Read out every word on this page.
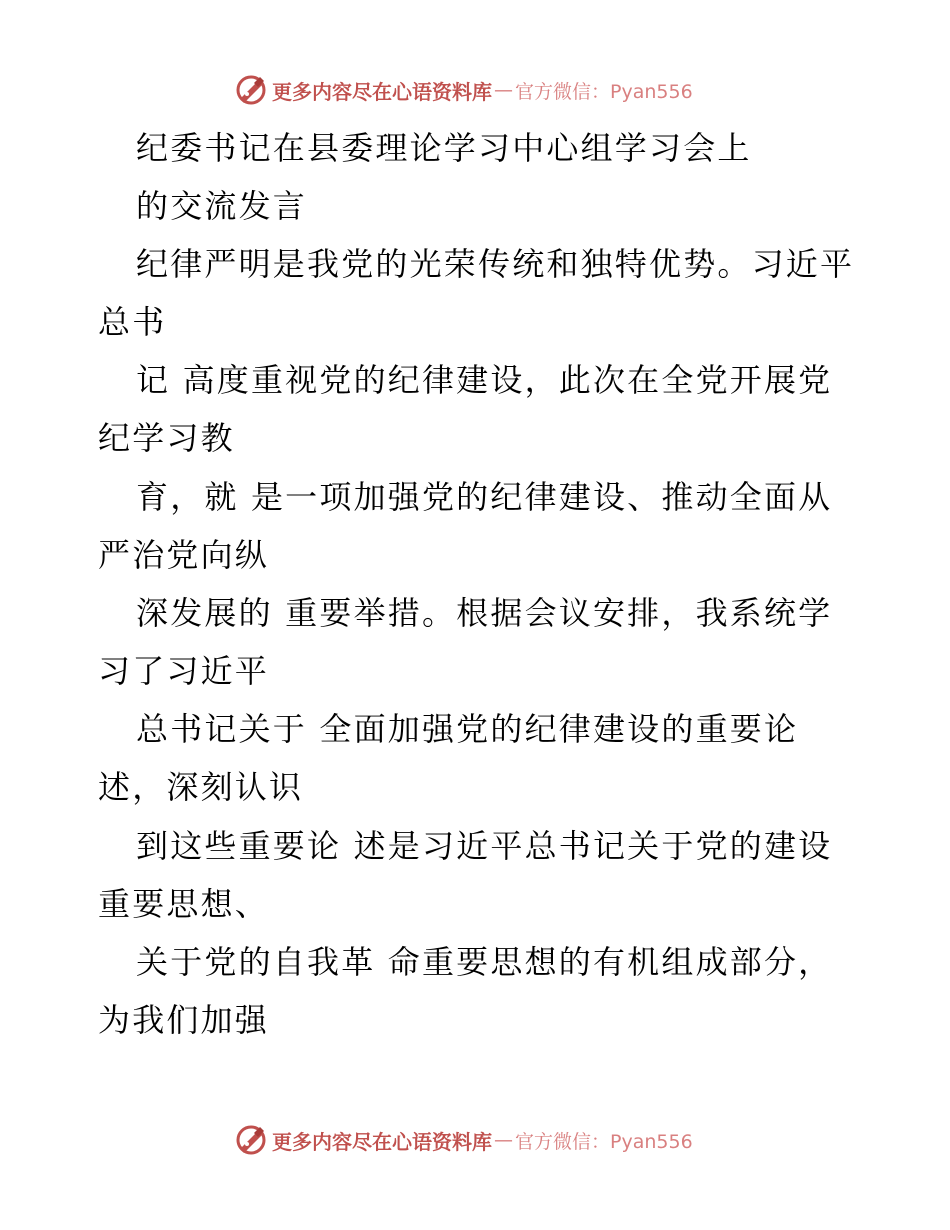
更多内容尽在心语资料库 — 官方微信：Pyan556
纪委书记在县委理论学习中心组学习会上
的交流发言
纪律严明是我党的光荣传统和独特优势。习近平
总书
记 高度重视党的纪律建设，此次在全党开展党
纪学习教
育，就 是一项加强党的纪律建设、推动全面从
严治党向纵
深发展的 重要举措。根据会议安排，我系统学
习了习近平
总书记关于 全面加强党的纪律建设的重要论
述，深刻认识
到这些重要论 述是习近平总书记关于党的建设
重要思想、
关于党的自我革 命重要思想的有机组成部分，
为我们加强
更多内容尽在心语资料库 — 官方微信：Pyan556
